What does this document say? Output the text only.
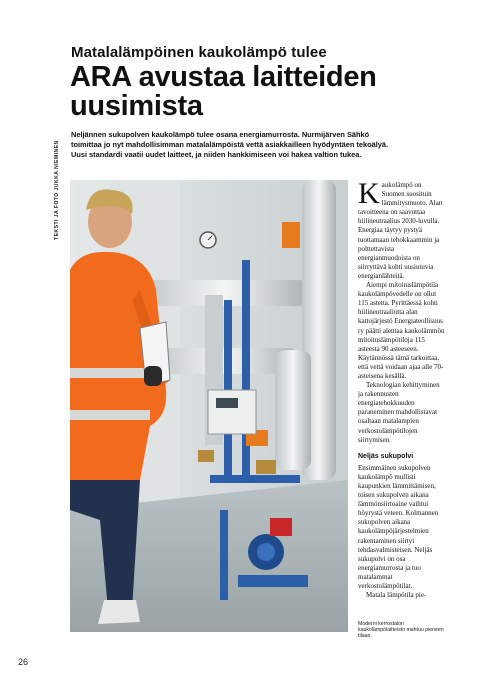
Matalalämpöinen kaukolämpö tulee
ARA avustaa laitteiden uusimista
TEKSTI JA FOTO JUKKA NIEMINEN

Neljännen sukupolven kaukolämpö tulee osana energiamurrosta. Nurmijärven Sähkö toimittaa jo nyt mahdollisimman matalalämpöistä vettä asiakkailleen hyödyntäen tekoälyä. Uusi standardi vaatii uudet laitteet, ja niiden hankkimiseen voi hakea valtion tukea.

Kaukolämpö on Suomen suosituin lämmitysmuoto. Alan tavoitteena on saavuttaa hiilineutraalius 2030-luvulla. Energiaa täytyy pystyä tuottamaan tehokkaammin ja polttettavista energianmuodoista on siirryttävä kohti uusiutuvia energianlähteitä.

Aiempi mitoituslämpötila kaukolämpövedelle on ollut 115 astetta. Pyrittäessä kohti hiilineutraaliutta alan kattojärjestö Energiateollisuus ry päätti alentaa kaukolämmön mitoituslämpötiloja 115 asteesta 90 asteeseen. Käytännössä tämä tarkoittaa, että vettä voidaan ajaa alle 70-asteisena kesällä.

Teknologian kehittyminen ja rakennusten energiatehokkuuden paraneminen mahdollistavat osaltaan matalampien verkostolämpötilojen siirtymisen.

Neljäs sukupolvi

Ensimmäinen sukupolven kaukolämpö mullisti kaupunkien lämmittämisen, toisen sukupolven aikana lämmönsiirtoaine vaihtui höyrystä veteen. Kolmannen sukupolven aikana kaukolämpöjärjestelmien rakentaminen siirtyi tehdasvalmisteisen. Neljäs sukupolvi on osa energiamurrosta ja tuo matalammat verkostolämpötilat.

Matala lämpötila pie-

Moderni kerrostalon kaukolämpölaitteisto mahtuu pieneen tilaan.
26
